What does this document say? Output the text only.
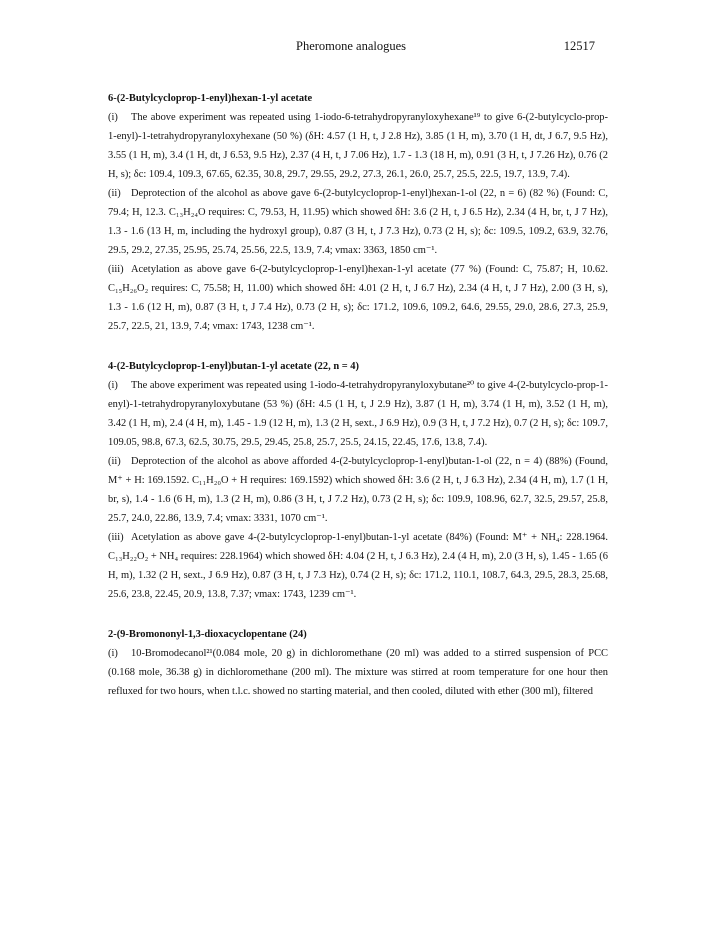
Pheromone analogues	12517
6-(2-Butylcycloprop-1-enyl)hexan-1-yl acetate
(i) The above experiment was repeated using 1-iodo-6-tetrahydropyranyloxyhexane¹⁹ to give 6-(2-butylcyclo-prop-1-enyl)-1-tetrahydropyranyloxyhexane (50 %) (δH: 4.57 (1 H, t, J 2.8 Hz), 3.85 (1 H, m), 3.70 (1 H, dt, J 6.7, 9.5 Hz), 3.55 (1 H, m), 3.4 (1 H, dt, J 6.53, 9.5 Hz), 2.37 (4 H, t, J 7.06 Hz), 1.7 - 1.3 (18 H, m), 0.91 (3 H, t, J 7.26 Hz), 0.76 (2 H, s); δc: 109.4, 109.3, 67.65, 62.35, 30.8, 29.7, 29.55, 29.2, 27.3, 26.1, 26.0, 25.7, 25.5, 22.5, 19.7, 13.9, 7.4).
(ii) Deprotection of the alcohol as above gave 6-(2-butylcycloprop-1-enyl)hexan-1-ol (22, n = 6) (82 %) (Found: C, 79.4; H, 12.3. C₁₃H₂₄O requires: C, 79.53, H, 11.95) which showed δH: 3.6 (2 H, t, J 6.5 Hz), 2.34 (4 H, br, t, J 7 Hz), 1.3 - 1.6 (13 H, m, including the hydroxyl group), 0.87 (3 H, t, J 7.3 Hz), 0.73 (2 H, s); δc: 109.5, 109.2, 63.9, 32.76, 29.5, 29.2, 27.35, 25.95, 25.74, 25.56, 22.5, 13.9, 7.4; νmax: 3363, 1850 cm⁻¹.
(iii) Acetylation as above gave 6-(2-butylcycloprop-1-enyl)hexan-1-yl acetate (77 %) (Found: C, 75.87; H, 10.62. C₁₅H₂₆O₂ requires: C, 75.58; H, 11.00) which showed δH: 4.01 (2 H, t, J 6.7 Hz), 2.34 (4 H, t, J 7 Hz), 2.00 (3 H, s), 1.3 - 1.6 (12 H, m), 0.87 (3 H, t, J 7.4 Hz), 0.73 (2 H, s); δc: 171.2, 109.6, 109.2, 64.6, 29.55, 29.0, 28.6, 27.3, 25.9, 25.7, 22.5, 21, 13.9, 7.4; νmax: 1743, 1238 cm⁻¹.
4-(2-Butylcycloprop-1-enyl)butan-1-yl acetate (22, n = 4)
(i) The above experiment was repeated using 1-iodo-4-tetrahydropyranyloxybutane²⁰ to give 4-(2-butylcyclo-prop-1-enyl)-1-tetrahydropyranyloxybutane (53 %) (δH: 4.5 (1 H, t, J 2.9 Hz), 3.87 (1 H, m), 3.74 (1 H, m), 3.52 (1 H, m), 3.42 (1 H, m), 2.4 (4 H, m), 1.45 - 1.9 (12 H, m), 1.3 (2 H, sext., J 6.9 Hz), 0.9 (3 H, t, J 7.2 Hz), 0.7 (2 H, s); δc: 109.7, 109.05, 98.8, 67.3, 62.5, 30.75, 29.5, 29.45, 25.8, 25.7, 25.5, 24.15, 22.45, 17.6, 13.8, 7.4).
(ii) Deprotection of the alcohol as above afforded 4-(2-butylcycloprop-1-enyl)butan-1-ol (22, n = 4) (88%) (Found, M⁺ + H: 169.1592. C₁₁H₂₀O + H requires: 169.1592) which showed δH: 3.6 (2 H, t, J 6.3 Hz), 2.34 (4 H, m), 1.7 (1 H, br, s), 1.4 - 1.6 (6 H, m), 1.3 (2 H, m), 0.86 (3 H, t, J 7.2 Hz), 0.73 (2 H, s); δc: 109.9, 108.96, 62.7, 32.5, 29.57, 25.8, 25.7, 24.0, 22.86, 13.9, 7.4; νmax: 3331, 1070 cm⁻¹.
(iii) Acetylation as above gave 4-(2-butylcycloprop-1-enyl)butan-1-yl acetate (84%) (Found: M⁺ + NH₄: 228.1964. C₁₃H₂₂O₂ + NH₄ requires: 228.1964) which showed δH: 4.04 (2 H, t, J 6.3 Hz), 2.4 (4 H, m), 2.0 (3 H, s), 1.45 - 1.65 (6 H, m), 1.32 (2 H, sext., J 6.9 Hz), 0.87 (3 H, t, J 7.3 Hz), 0.74 (2 H, s); δc: 171.2, 110.1, 108.7, 64.3, 29.5, 28.3, 25.68, 25.6, 23.8, 22.45, 20.9, 13.8, 7.37; νmax: 1743, 1239 cm⁻¹.
2-(9-Bromononyl-1,3-dioxacyclopentane (24)
(i) 10-Bromodecanol²¹(0.084 mole, 20 g) in dichloromethane (20 ml) was added to a stirred suspension of PCC (0.168 mole, 36.38 g) in dichloromethane (200 ml). The mixture was stirred at room temperature for one hour then refluxed for two hours, when t.l.c. showed no starting material, and then cooled, diluted with ether (300 ml), filtered
